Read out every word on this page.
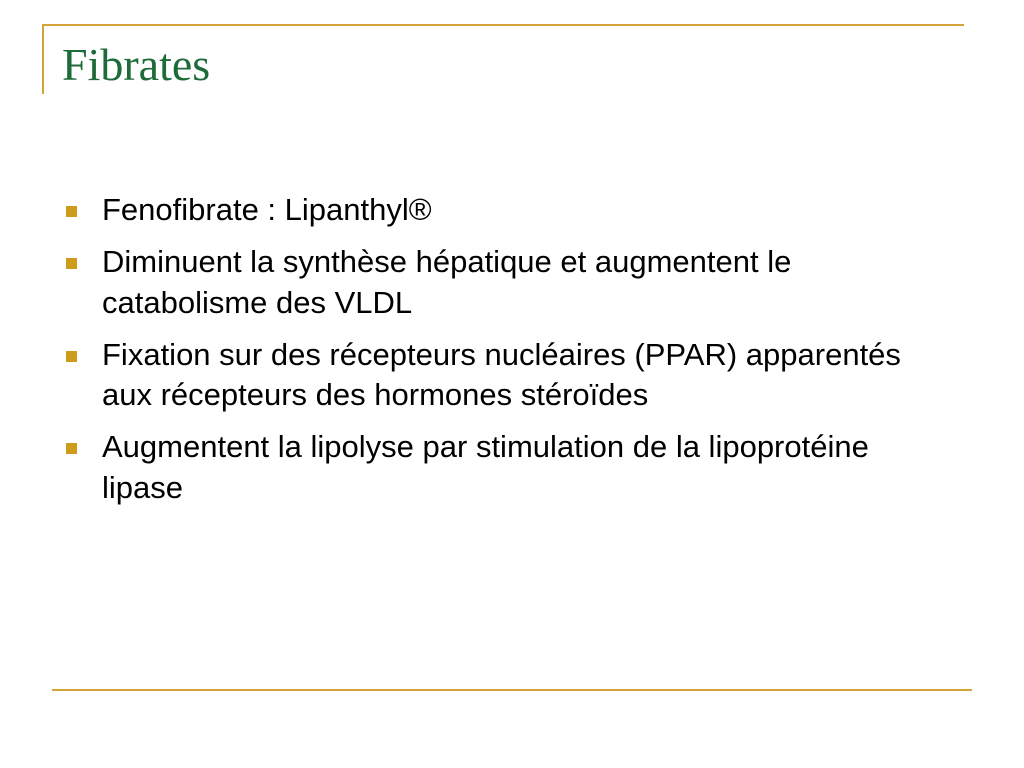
Fibrates
Fenofibrate : Lipanthyl®
Diminuent la synthèse hépatique et augmentent le catabolisme des VLDL
Fixation sur des récepteurs nucléaires (PPAR) apparentés aux récepteurs des hormones stéroïdes
Augmentent la lipolyse par stimulation de la lipoprotéine lipase
